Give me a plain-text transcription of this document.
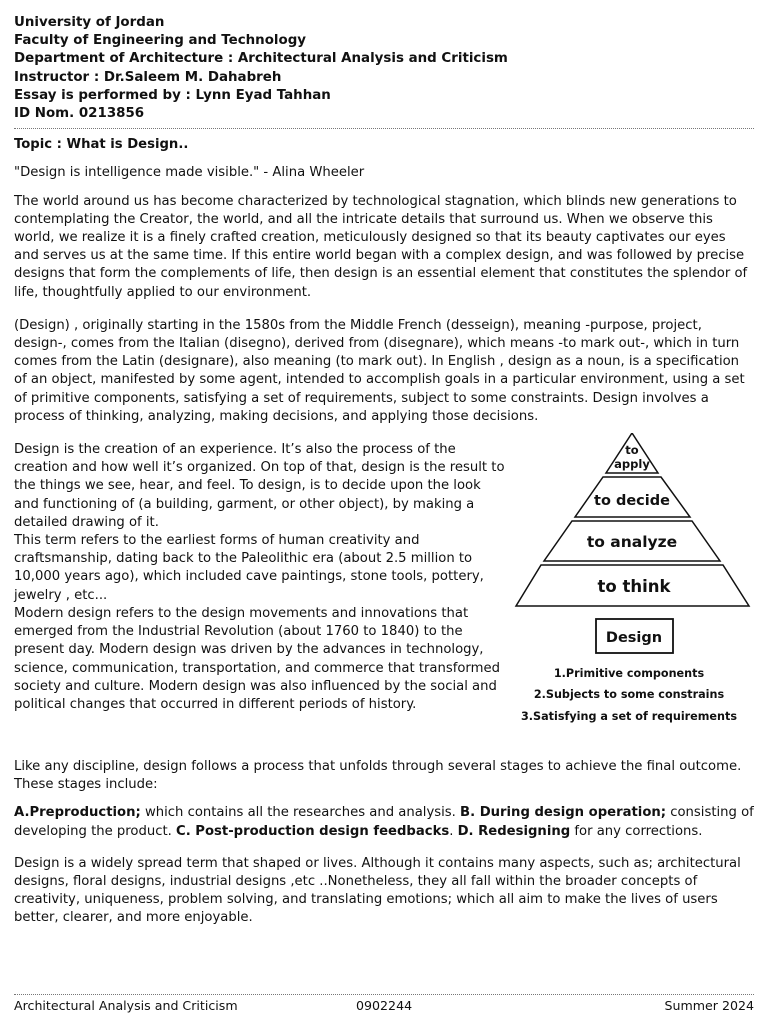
University of Jordan
Faculty of Engineering and Technology
Department of Architecture : Architectural Analysis and Criticism
Instructor : Dr.Saleem M. Dahabreh
Essay is performed by : Lynn Eyad Tahhan
ID Nom. 0213856

Topic : What is Design..

"Design is intelligence made visible." - Alina Wheeler

The world around us has become characterized by technological stagnation, which blinds new generations to contemplating the Creator, the world, and all the intricate details that surround us. When we observe this world, we realize it is a finely crafted creation, meticulously designed so that its beauty captivates our eyes and serves us at the same time. If this entire world began with a complex design, and was followed by precise designs that form the complements of life, then design is an essential element that constitutes the splendor of life, thoughtfully applied to our environment.

(Design) , originally starting in the 1580s from the Middle French (desseign), meaning -purpose, project, design-, comes from the Italian (disegno), derived from (disegnare), which means -to mark out-, which in turn comes from the Latin (designare), also meaning (to mark out). In English , design as a noun, is a specification of an object, manifested by some agent, intended to accomplish goals in a particular environment, using a set of primitive components, satisfying a set of requirements, subject to some constraints. Design involves a process of thinking, analyzing, making decisions, and applying those decisions.

Design is the creation of an experience. It’s also the process of the creation and how well it’s organized. On top of that, design is the result to the things we see, hear, and feel. To design, is to decide upon the look and functioning of (a building, garment, or other object), by making a detailed drawing of it.

This term refers to the earliest forms of human creativity and craftsmanship, dating back to the Paleolithic era (about 2.5 million to 10,000 years ago), which included cave paintings, stone tools, pottery, jewelry , etc...

Modern design refers to the design movements and innovations that emerged from the Industrial Revolution (about 1760 to 1840) to the present day. Modern design was driven by the advances in technology, science, communication, transportation, and commerce that transformed society and culture. Modern design was also influenced by the social and political changes that occurred in different periods of history.

to
apply
to decide
to analyze
to think
Design
1.Primitive components
2.Subjects to some constrains
3.Satisfying a set of requirements

Like any discipline, design follows a process that unfolds through several stages to achieve the final outcome. These stages include:

A.Preproduction; which contains all the researches and analysis. B. During design operation; consisting of developing the product. C. Post-production design feedbacks. D. Redesigning for any corrections.

Design is a widely spread term that shaped or lives. Although it contains many aspects, such as; architectural designs, floral designs, industrial designs ,etc ..Nonetheless, they all fall within the broader concepts of creativity, uniqueness, problem solving, and translating emotions; which all aim to make the lives of users better, clearer, and more enjoyable.

Architectural Analysis and Criticism	0902244	Summer 2024
